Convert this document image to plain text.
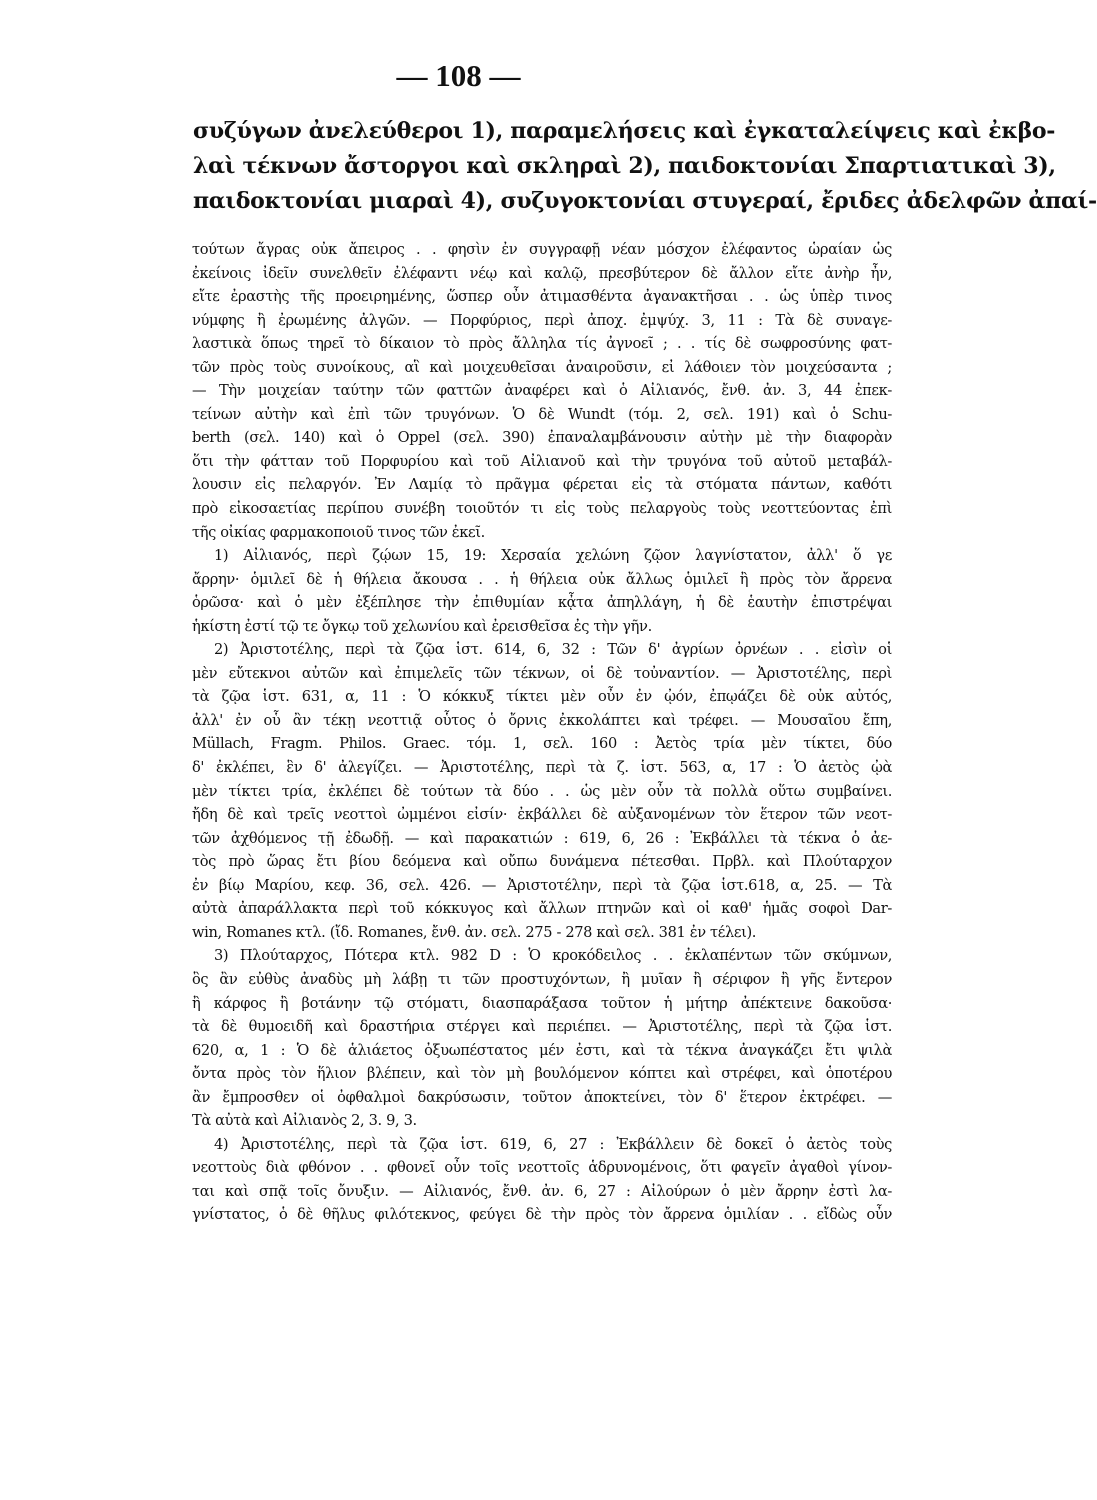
— 108 —
συζύγων ἀνελεύθεροι 1), παραμελήσεις καὶ ἐγκαταλείψεις καὶ ἐκβο-
λαὶ τέκνων ἄστοργοι καὶ σκληραὶ 2), παιδοκτονίαι Σπαρτιατικαὶ 3),
παιδοκτονίαι μιαραὶ 4), συζυγοκτονίαι στυγεραί, ἔριδες ἀδελφῶν ἀπαί-
τούτων ἄγρας οὐκ ἄπειρος . . φησὶν ἐν συγγραφῇ νέαν μόσχον ἐλέφαντος ὡραίαν ὡς
ἐκείνοις ἰδεῖν συνελθεῖν ἐλέφαντι νέῳ καὶ καλῷ, πρεσβύτερον δὲ ἄλλον εἴτε ἀνὴρ ἦν,
εἴτε ἐραστὴς τῆς προειρημένης, ὥσπερ οὖν ἀτιμασθέντα ἀγανακτῆσαι . . ὡς ὑπὲρ τινος
νύμφης ἢ ἐρωμένης ἀλγῶν. — Πορφύριος, περὶ ἀποχ. ἐμψύχ. 3, 11 : Τὰ δὲ συναγε-
λαστικὰ ὅπως τηρεῖ τὸ δίκαιον τὸ πρὸς ἄλληλα τίς ἀγνοεῖ ; . . τίς δὲ σωφροσύνης φατ-
τῶν πρὸς τοὺς συνοίκους, αἳ καὶ μοιχευθεῖσαι ἀναιροῦσιν, εἰ λάθοιεν τὸν μοιχεύσαντα ;
— Τὴν μοιχείαν ταύτην τῶν φαττῶν ἀναφέρει καὶ ὁ Αἰλιανός, ἔνθ. ἀν. 3, 44 ἐπεκ-
τείνων αὐτὴν καὶ ἐπὶ τῶν τρυγόνων. Ὁ δὲ Wundt (τόμ. 2, σελ. 191) καὶ ὁ Schu-
berth (σελ. 140) καὶ ὁ Oppel (σελ. 390) ἐπαναλαμβάνουσιν αὐτὴν μὲ τὴν διαφορὰν
ὅτι τὴν φάτταν τοῦ Πορφυρίου καὶ τοῦ Αἰλιανοῦ καὶ τὴν τρυγόνα τοῦ αὐτοῦ μεταβάλ-
λουσιν εἰς πελαργόν. Ἐν Λαμίᾳ τὸ πρᾶγμα φέρεται εἰς τὰ στόματα πάντων, καθότι
πρὸ εἰκοσαετίας περίπου συνέβη τοιοῦτόν τι εἰς τοὺς πελαργοὺς τοὺς νεοττεύοντας ἐπὶ
τῆς οἰκίας φαρμακοποιοῦ τινος τῶν ἐκεῖ.
1) Αἰλιανός, περὶ ζῴων 15, 19: Χερσαία χελώνη ζῷον λαγνίστατον, ἀλλ' ὅ γε
ἄρρην· ὁμιλεῖ δὲ ἡ θήλεια ἄκουσα . . ἡ θήλεια οὐκ ἄλλως ὁμιλεῖ ἢ πρὸς τὸν ἄρρενα
ὁρῶσα· καὶ ὁ μὲν ἐξέπλησε τὴν ἐπιθυμίαν κᾆτα ἀπηλλάγη, ἡ δὲ ἑαυτὴν ἐπιστρέψαι
ἡκίστη ἐστί τῷ τε ὄγκῳ τοῦ χελωνίου καὶ ἐρεισθεῖσα ἐς τὴν γῆν.
2) Ἀριστοτέλης, περὶ τὰ ζῷα ἱστ. 614, 6, 32 : Τῶν δ' ἀγρίων ὀρνέων . . εἰσὶν οἱ
μὲν εὔτεκνοι αὐτῶν καὶ ἐπιμελεῖς τῶν τέκνων, οἱ δὲ τοὐναντίον. — Ἀριστοτέλης, περὶ
τὰ ζῷα ἱστ. 631, α, 11 : Ὁ κόκκυξ τίκτει μὲν οὖν ἐν ᾠόν, ἐπῳάζει δὲ οὐκ αὐτός,
ἀλλ' ἐν οὗ ἂν τέκῃ νεοττιᾷ οὗτος ὁ ὄρνις ἐκκολάπτει καὶ τρέφει. — Μουσαῖου ἔπη,
Müllach, Fragm. Philos. Graec. τόμ. 1, σελ. 160 : Ἀετὸς τρία μὲν τίκτει, δύο
δ' ἐκλέπει, ἓν δ' ἀλεγίζει. — Ἀριστοτέλης, περὶ τὰ ζ. ἱστ. 563, α, 17 : Ὁ ἀετὸς ᾠὰ
μὲν τίκτει τρία, ἐκλέπει δὲ τούτων τὰ δύο . . ὡς μὲν οὖν τὰ πολλὰ οὕτω συμβαίνει.
ἤδη δὲ καὶ τρεῖς νεοττοὶ ὠμμένοι εἰσίν· ἐκβάλλει δὲ αὐξανομένων τὸν ἕτερον τῶν νεοτ-
τῶν ἀχθόμενος τῇ ἐδωδῇ. — καὶ παρακατιών : 619, 6, 26 : Ἐκβάλλει τὰ τέκνα ὁ ἀε-
τὸς πρὸ ὥρας ἔτι βίου δεόμενα καὶ οὔπω δυνάμενα πέτεσθαι. Πρβλ. καὶ Πλούταρχον
ἐν βίῳ Μαρίου, κεφ. 36, σελ. 426. — Ἀριστοτέλην, περὶ τὰ ζῷα ἱστ.618, α, 25. — Τὰ
αὐτὰ ἀπαράλλακτα περὶ τοῦ κόκκυγος καὶ ἄλλων πτηνῶν καὶ οἱ καθ' ἡμᾶς σοφοὶ Dar-
win, Romanes κτλ. (ἴδ. Romanes, ἔνθ. ἀν. σελ. 275 - 278 καὶ σελ. 381 ἐν τέλει).
3) Πλούταρχος, Πότερα κτλ. 982 D : Ὁ κροκόδειλος . . ἐκλαπέντων τῶν σκύμνων,
ὃς ἂν εὐθὺς ἀναδὺς μὴ λάβῃ τι τῶν προστυχόντων, ἢ μυῖαν ἢ σέριφον ἢ γῆς ἔντερον
ἢ κάρφος ἢ βοτάνην τῷ στόματι, διασπαράξασα τοῦτον ἡ μήτηρ ἀπέκτεινε δακοῦσα·
τὰ δὲ θυμοειδῆ καὶ δραστήρια στέργει καὶ περιέπει. — Ἀριστοτέλης, περὶ τὰ ζῷα ἱστ.
620, α, 1 : Ὁ δὲ ἁλιάετος ὀξυωπέστατος μέν ἐστι, καὶ τὰ τέκνα ἀναγκάζει ἔτι ψιλὰ
ὄντα πρὸς τὸν ἥλιον βλέπειν, καὶ τὸν μὴ βουλόμενον κόπτει καὶ στρέφει, καὶ ὁποτέρου
ἂν ἔμπροσθεν οἱ ὀφθαλμοὶ δακρύσωσιν, τοῦτον ἀποκτείνει, τὸν δ' ἕτερον ἐκτρέφει. —
Τὰ αὐτὰ καὶ Αἰλιανὸς 2, 3. 9, 3.
4) Ἀριστοτέλης, περὶ τὰ ζῷα ἱστ. 619, 6, 27 : Ἐκβάλλειν δὲ δοκεῖ ὁ ἀετὸς τοὺς
νεοττοὺς διὰ φθόνον . . φθονεῖ οὖν τοῖς νεοττοῖς ἁδρυνομένοις, ὅτι φαγεῖν ἀγαθοὶ γίνον-
ται καὶ σπᾷ τοῖς ὄνυξιν. — Αἰλιανός, ἔνθ. ἀν. 6, 27 : Αἰλούρων ὁ μὲν ἄρρην ἐστὶ λα-
γνίστατος, ὁ δὲ θῆλυς φιλότεκνος, φεύγει δὲ τὴν πρὸς τὸν ἄρρενα ὁμιλίαν . . εἴδὼς οὖν
